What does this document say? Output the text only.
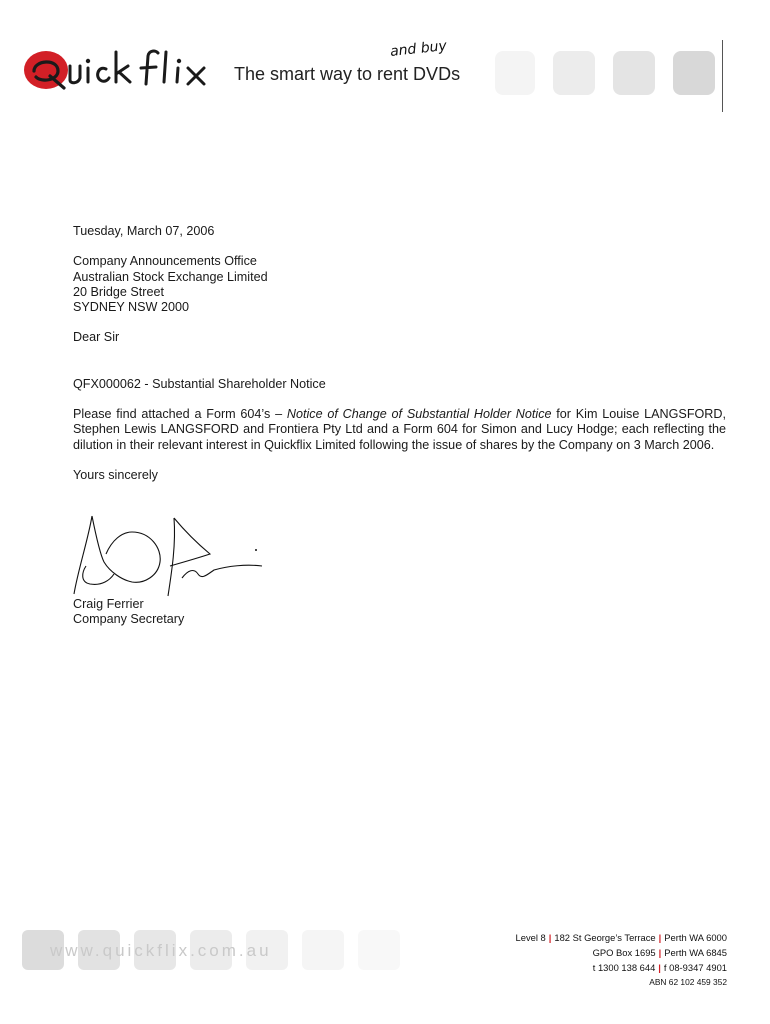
The smart way to rent DVDs
and buy

Tuesday, March 07, 2006

Company Announcements Office
Australian Stock Exchange Limited
20 Bridge Street
SYDNEY NSW 2000

Dear Sir

QFX000062 - Substantial Shareholder Notice

Please find attached a Form 604’s – Notice of Change of Substantial Holder Notice for Kim Louise LANGSFORD, Stephen Lewis LANGSFORD and Frontiera Pty Ltd and a Form 604 for Simon and Lucy Hodge; each reflecting the dilution in their relevant interest in Quickflix Limited following the issue of shares by the Company on 3 March 2006.

Yours sincerely

Craig Ferrier
Company Secretary
www.quickflix.com.au
Level 8 | 182 St George’s Terrace | Perth WA 6000
GPO Box 1695 | Perth WA 6845
t 1300 138 644 | f 08-9347 4901
ABN 62 102 459 352
